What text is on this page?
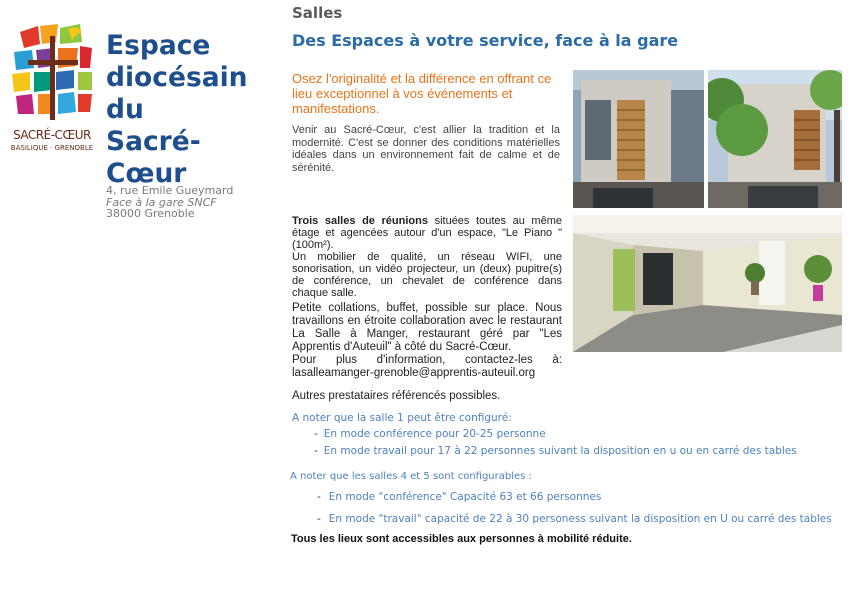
SACRÉ-CŒUR
BASILIQUE · GRENOBLE
Espace
diocésain
du
Sacré-Cœur
4, rue Emile Gueymard
Face à la gare SNCF
38000 Grenoble
Salles
Des Espaces à votre service, face à la gare
Osez l'originalité et la différence en offrant ce lieu exceptionnel à vos événements et manifestations.
Venir au Sacré-Cœur, c'est allier la tradition et la modernité. C'est se donner des conditions matérielles idéales dans un environnement fait de calme et de sérénité.

Trois salles de réunions situées toutes au même étage et agencées autour d'un espace, "Le Piano " (100m²).

Un mobilier de qualité, un réseau WIFI, une sonorisation, un vidéo projecteur, un (deux) pupitre(s) de conférence, un chevalet de conférence dans chaque salle.

Petite collations, buffet, possible sur place. Nous travaillons en étroite collaboration avec le restaurant La Salle à Manger, restaurant géré par "Les Apprentis d'Auteuil" à côté du Sacré-Cœur.

Pour plus d'information, contactez-les à: lasalleamanger-grenoble@apprentis-auteuil.org

Autres prestataires référencés possibles.

A noter que la salle 1 peut être configuré:
- En mode conférence pour 20-25 personne
- En mode travail pour 17 à 22 personnes suivant la disposition en u ou en carré des tables
A noter que les salles 4 et 5 sont configurables :
- En mode "conférence" Capacité 63 et 66 personnes
- En mode "travail" capacité de 22 à 30 personess suivant la disposition en U ou carré des tables
Tous les lieux sont accessibles aux personnes à mobilité réduite.
